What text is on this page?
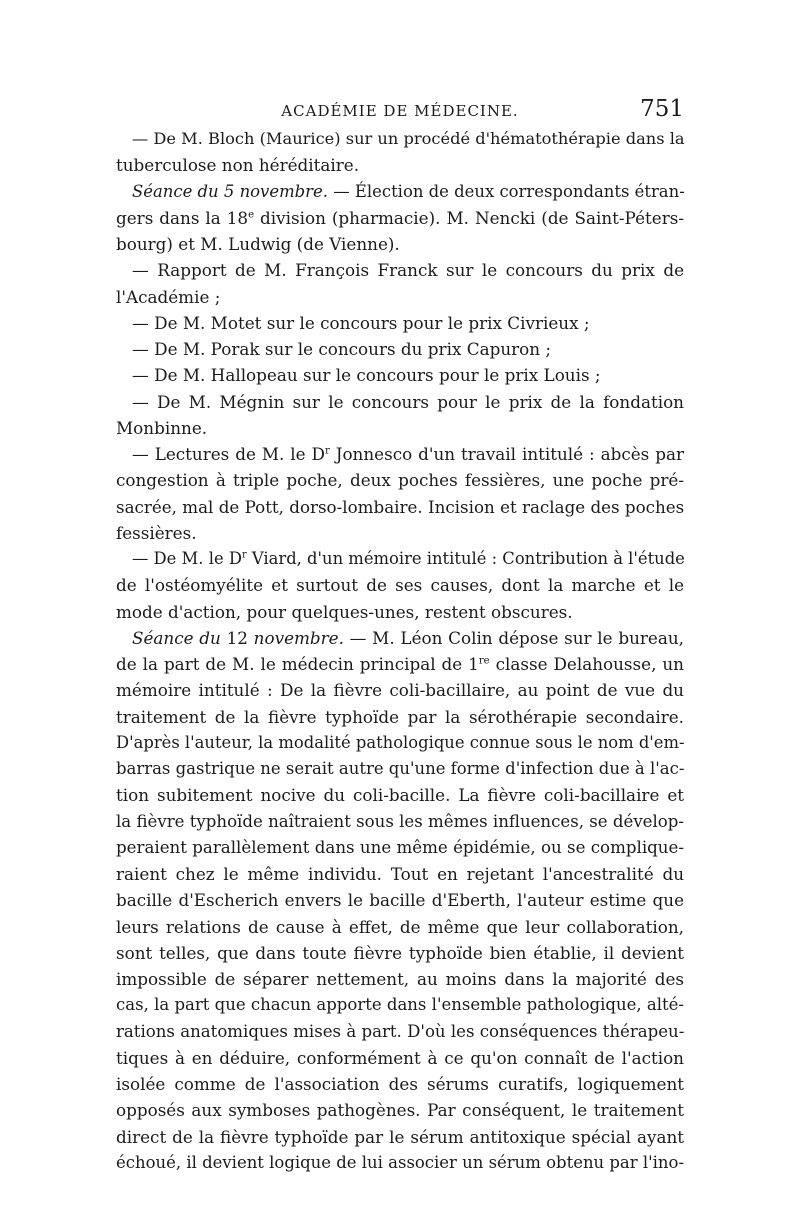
ACADÉMIE DE MÉDECINE.	751
— De M. Bloch (Maurice) sur un procédé d'hématothérapie dans la
tuberculose non héréditaire.
Séance du 5 novembre. — Élection de deux correspondants étran-
gers dans la 18e division (pharmacie). M. Nencki (de Saint-Péters-
bourg) et M. Ludwig (de Vienne).
— Rapport de M. François Franck sur le concours du prix de
l'Académie ;
— De M. Motet sur le concours pour le prix Civrieux ;
— De M. Porak sur le concours du prix Capuron ;
— De M. Hallopeau sur le concours pour le prix Louis ;
— De M. Mégnin sur le concours pour le prix de la fondation
Monbinne.
— Lectures de M. le $D^r$ Jonnesco d'un travail intitulé : abcès par
congestion à triple poche, deux poches fessières, une poche pré-
sacrée, mal de Pott, dorso-lombaire. Incision et raclage des poches
fessières.
— De M. le $D^r$ Viard, d'un mémoire intitulé : Contribution à l'étude
de l'ostéomyélite et surtout de ses causes, dont la marche et le
mode d'action, pour quelques-unes, restent obscures.
Séance du 12 novembre. — M. Léon Colin dépose sur le bureau,
de la part de M. le médecin principal de 1re classe Delahousse, un
mémoire intitulé : De la fièvre coli-bacillaire, au point de vue du
traitement de la fièvre typhoïde par la sérothérapie secondaire.
D'après l'auteur, la modalité pathologique connue sous le nom d'em-
barras gastrique ne serait autre qu'une forme d'infection due à l'ac-
tion subitement nocive du coli-bacille. La fièvre coli-bacillaire et
la fièvre typhoïde naîtraient sous les mêmes influences, se dévelop-
peraient parallèlement dans une même épidémie, ou se complique-
raient chez le même individu. Tout en rejetant l'ancestralité du
bacille d'Escherich envers le bacille d'Eberth, l'auteur estime que
leurs relations de cause à effet, de même que leur collaboration,
sont telles, que dans toute fièvre typhoïde bien établie, il devient
impossible de séparer nettement, au moins dans la majorité des
cas, la part que chacun apporte dans l'ensemble pathologique, alté-
rations anatomiques mises à part. D'où les conséquences thérapeu-
tiques à en déduire, conformément à ce qu'on connaît de l'action
isolée comme de l'association des sérums curatifs, logiquement
opposés aux symboses pathogènes. Par conséquent, le traitement
direct de la fièvre typhoïde par le sérum antitoxique spécial ayant
échoué, il devient logique de lui associer un sérum obtenu par l'ino-
